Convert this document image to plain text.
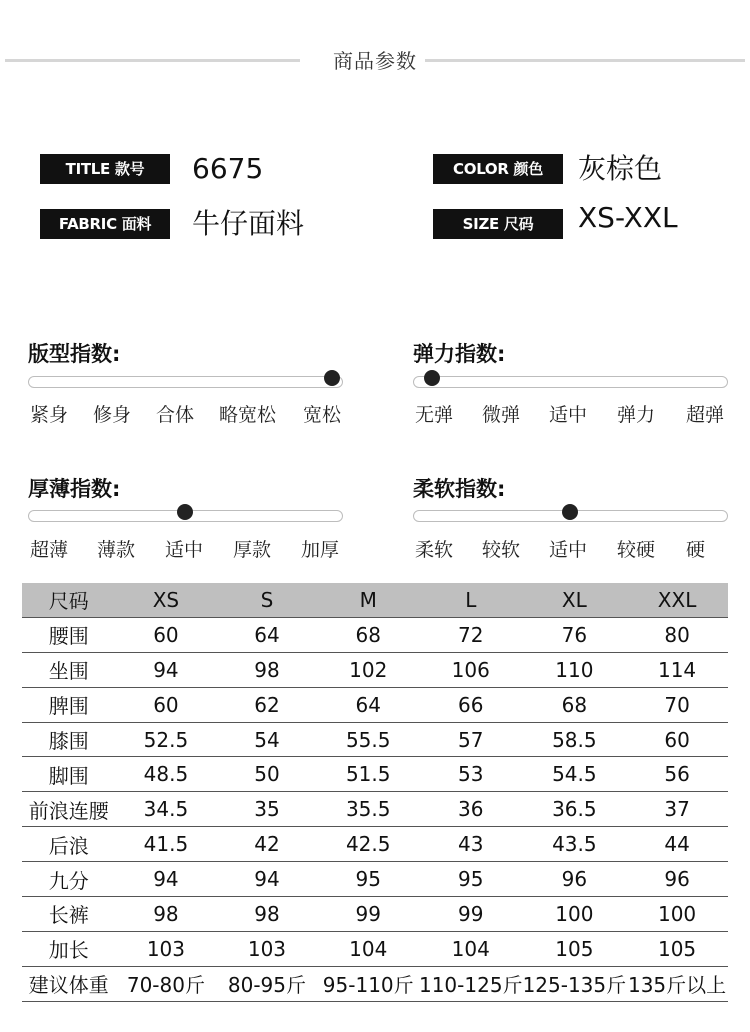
商品参数
TITLE 款号	6675	COLOR 颜色	灰棕色
FABRIC 面料	牛仔面料	SIZE 尺码	XS-XXL
版型指数:
紧身 修身 合体 略宽松 宽松
弹力指数:
无弹 微弹 适中 弹力 超弹
厚薄指数:
超薄 薄款 适中 厚款 加厚
柔软指数:
柔软 较软 适中 较硬 硬
尺码	XS	S	M	L	XL	XXL
腰围	60	64	68	72	76	80
坐围	94	98	102	106	110	114
脾围	60	62	64	66	68	70
膝围	52.5	54	55.5	57	58.5	60
脚围	48.5	50	51.5	53	54.5	56
前浪连腰	34.5	35	35.5	36	36.5	37
后浪	41.5	42	42.5	43	43.5	44
九分	94	94	95	95	96	96
长裤	98	98	99	99	100	100
加长	103	103	104	104	105	105
建议体重	70-80斤	80-95斤	95-110斤	110-125斤	125-135斤	135斤以上
